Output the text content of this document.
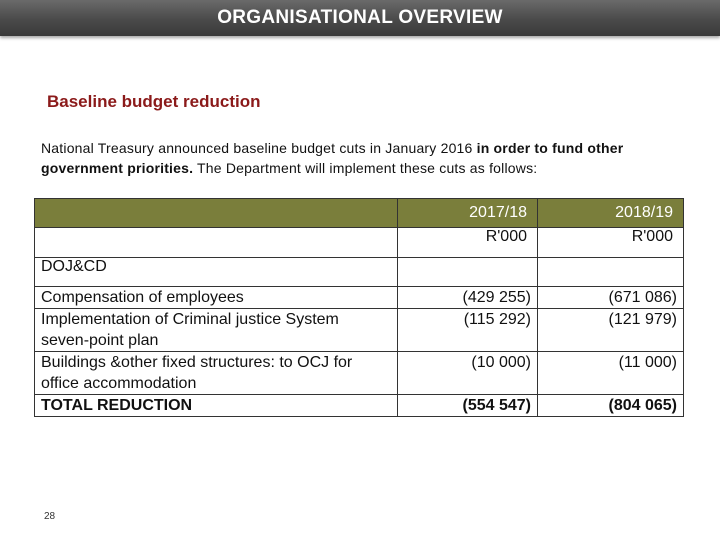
ORGANISATIONAL OVERVIEW
Baseline budget reduction
National Treasury announced baseline budget cuts in January 2016 in order to fund other government priorities. The Department will implement these cuts as follows:
	2017/18	2018/19
	R'000	R'000
DOJ&CD		
Compensation of employees	(429 255)	(671 086)
Implementation of Criminal justice System seven-point plan	(115 292)	(121 979)
Buildings &other fixed structures: to OCJ for office accommodation	(10 000)	(11 000)
TOTAL REDUCTION	(554 547)	(804 065)
28
